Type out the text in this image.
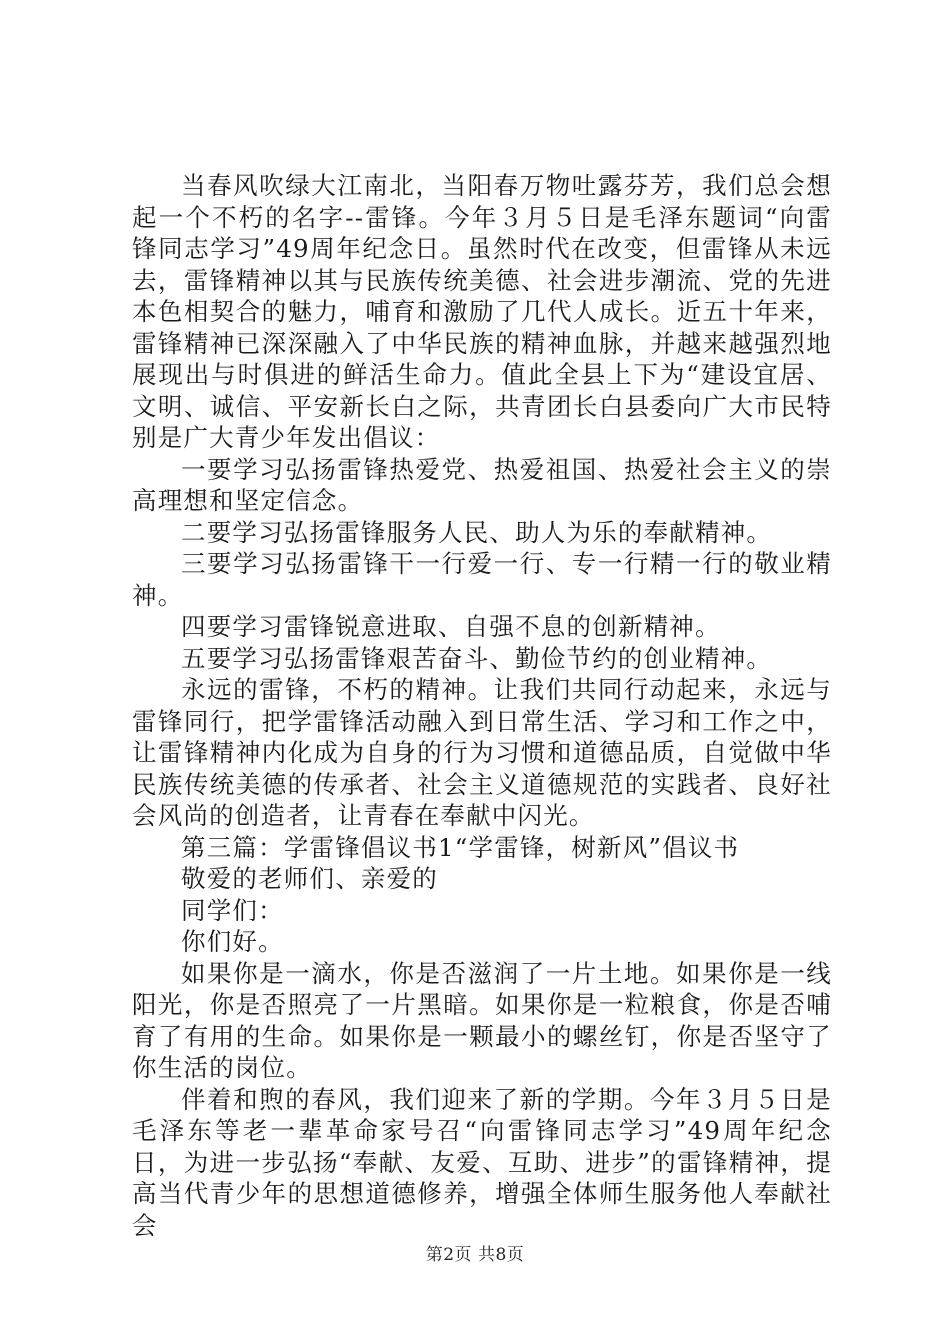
当春风吹绿大江南北，当阳春万物吐露芬芳，我们总会想起一个不朽的名字--雷锋。今年３月５日是毛泽东题词“向雷锋同志学习”49周年纪念日。虽然时代在改变，但雷锋从未远去，雷锋精神以其与民族传统美德、社会进步潮流、党的先进本色相契合的魅力，哺育和激励了几代人成长。近五十年来，雷锋精神已深深融入了中华民族的精神血脉，并越来越强烈地展现出与时俱进的鲜活生命力。值此全县上下为“建设宜居、文明、诚信、平安新长白之际，共青团长白县委向广大市民特别是广大青少年发出倡议：

一要学习弘扬雷锋热爱党、热爱祖国、热爱社会主义的崇高理想和坚定信念。

二要学习弘扬雷锋服务人民、助人为乐的奉献精神。

三要学习弘扬雷锋干一行爱一行、专一行精一行的敬业精神。

四要学习雷锋锐意进取、自强不息的创新精神。

五要学习弘扬雷锋艰苦奋斗、勤俭节约的创业精神。

永远的雷锋，不朽的精神。让我们共同行动起来，永远与雷锋同行，把学雷锋活动融入到日常生活、学习和工作之中，让雷锋精神内化成为自身的行为习惯和道德品质，自觉做中华民族传统美德的传承者、社会主义道德规范的实践者、良好社会风尚的创造者，让青春在奉献中闪光。

第三篇：学雷锋倡议书1“学雷锋，树新风”倡议书

敬爱的老师们、亲爱的

同学们：

你们好。

如果你是一滴水，你是否滋润了一片土地。如果你是一线阳光，你是否照亮了一片黑暗。如果你是一粒粮食，你是否哺育了有用的生命。如果你是一颗最小的螺丝钉，你是否坚守了你生活的岗位。

伴着和煦的春风，我们迎来了新的学期。今年３月５日是毛泽东等老一辈革命家号召“向雷锋同志学习”49周年纪念日，为进一步弘扬“奉献、友爱、互助、进步”的雷锋精神，提高当代青少年的思想道德修养，增强全体师生服务他人奉献社会

第2页 共8页
